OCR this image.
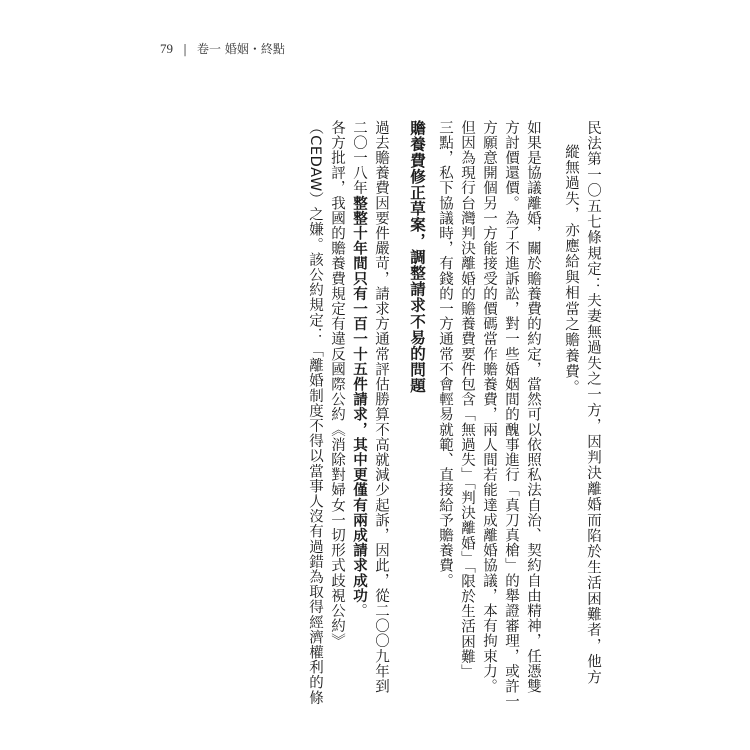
79 | 卷一 婚姻・終點
民法第一〇五七條規定：夫妻無過失之一方，因判決離婚而陷於生活困難者，他方
縱無過失，亦應給與相當之贍養費。
如果是協議離婚，關於贍養費的約定，當然可以依照私法自治、契約自由精神，任憑雙
方討價還價。為了不進訴訟，對一些婚姻間的醜事進行「真刀真槍」的舉證審理，或許一
方願意開個另一方能接受的價碼當作贍養費，兩人間若能達成離婚協議，本有拘束力。
但因為現行台灣判決離婚的贍養費要件包含「無過失」「判決離婚」「限於生活困難」
三點，私下協議時，有錢的一方通常不會輕易就範、直接給予贍養費。
贍養費修正草案，調整請求不易的問題
過去贍養費因要件嚴苛，請求方通常評估勝算不高就減少起訴，因此，從二〇〇九年到
二〇一八年整整十年間只有一百一十五件請求，其中更僅有兩成請求成功。
各方批評，我國的贍養費規定有違反國際公約《消除對婦女一切形式歧視公約》
（CEDAW）之嫌。該公約規定：「離婚制度不得以當事人沒有過錯為取得經濟權利的條
